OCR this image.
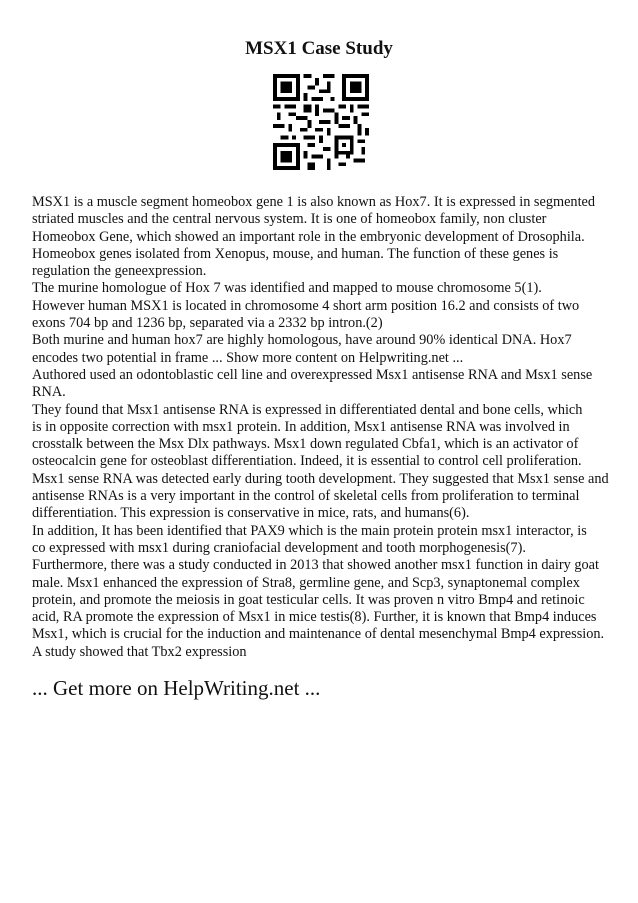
MSX1 Case Study
MSX1 is a muscle segment homeobox gene 1 is also known as Hox7. It is expressed in segmented
striated muscles and the central nervous system. It is one of homeobox family, non cluster
Homeobox Gene, which showed an important role in the embryonic development of Drosophila.
Homeobox genes isolated from Xenopus, mouse, and human. The function of these genes is
regulation the geneexpression.
The murine homologue of Hox 7 was identified and mapped to mouse chromosome 5(1).
However human MSX1 is located in chromosome 4 short arm position 16.2 and consists of two
exons 704 bp and 1236 bp, separated via a 2332 bp intron.(2)
Both murine and human hox7 are highly homologous, have around 90% identical DNA. Hox7
encodes two potential in frame ... Show more content on Helpwriting.net ...
Authored used an odontoblastic cell line and overexpressed Msx1 antisense RNA and Msx1 sense
RNA.
They found that Msx1 antisense RNA is expressed in differentiated dental and bone cells, which
is in opposite correction with msx1 protein. In addition, Msx1 antisense RNA was involved in
crosstalk between the Msx Dlx pathways. Msx1 down regulated Cbfa1, which is an activator of
osteocalcin gene for osteoblast differentiation. Indeed, it is essential to control cell proliferation.
Msx1 sense RNA was detected early during tooth development. They suggested that Msx1 sense and
antisense RNAs is a very important in the control of skeletal cells from proliferation to terminal
differentiation. This expression is conservative in mice, rats, and humans(6).
In addition, It has been identified that PAX9 which is the main protein protein msx1 interactor, is
co expressed with msx1 during craniofacial development and tooth morphogenesis(7).
Furthermore, there was a study conducted in 2013 that showed another msx1 function in dairy goat
male. Msx1 enhanced the expression of Stra8, germline gene, and Scp3, synaptonemal complex
protein, and promote the meiosis in goat testicular cells. It was proven n vitro Bmp4 and retinoic
acid, RA promote the expression of Msx1 in mice testis(8). Further, it is known that Bmp4 induces
Msx1, which is crucial for the induction and maintenance of dental mesenchymal Bmp4 expression.
A study showed that Tbx2 expression
... Get more on HelpWriting.net ...
